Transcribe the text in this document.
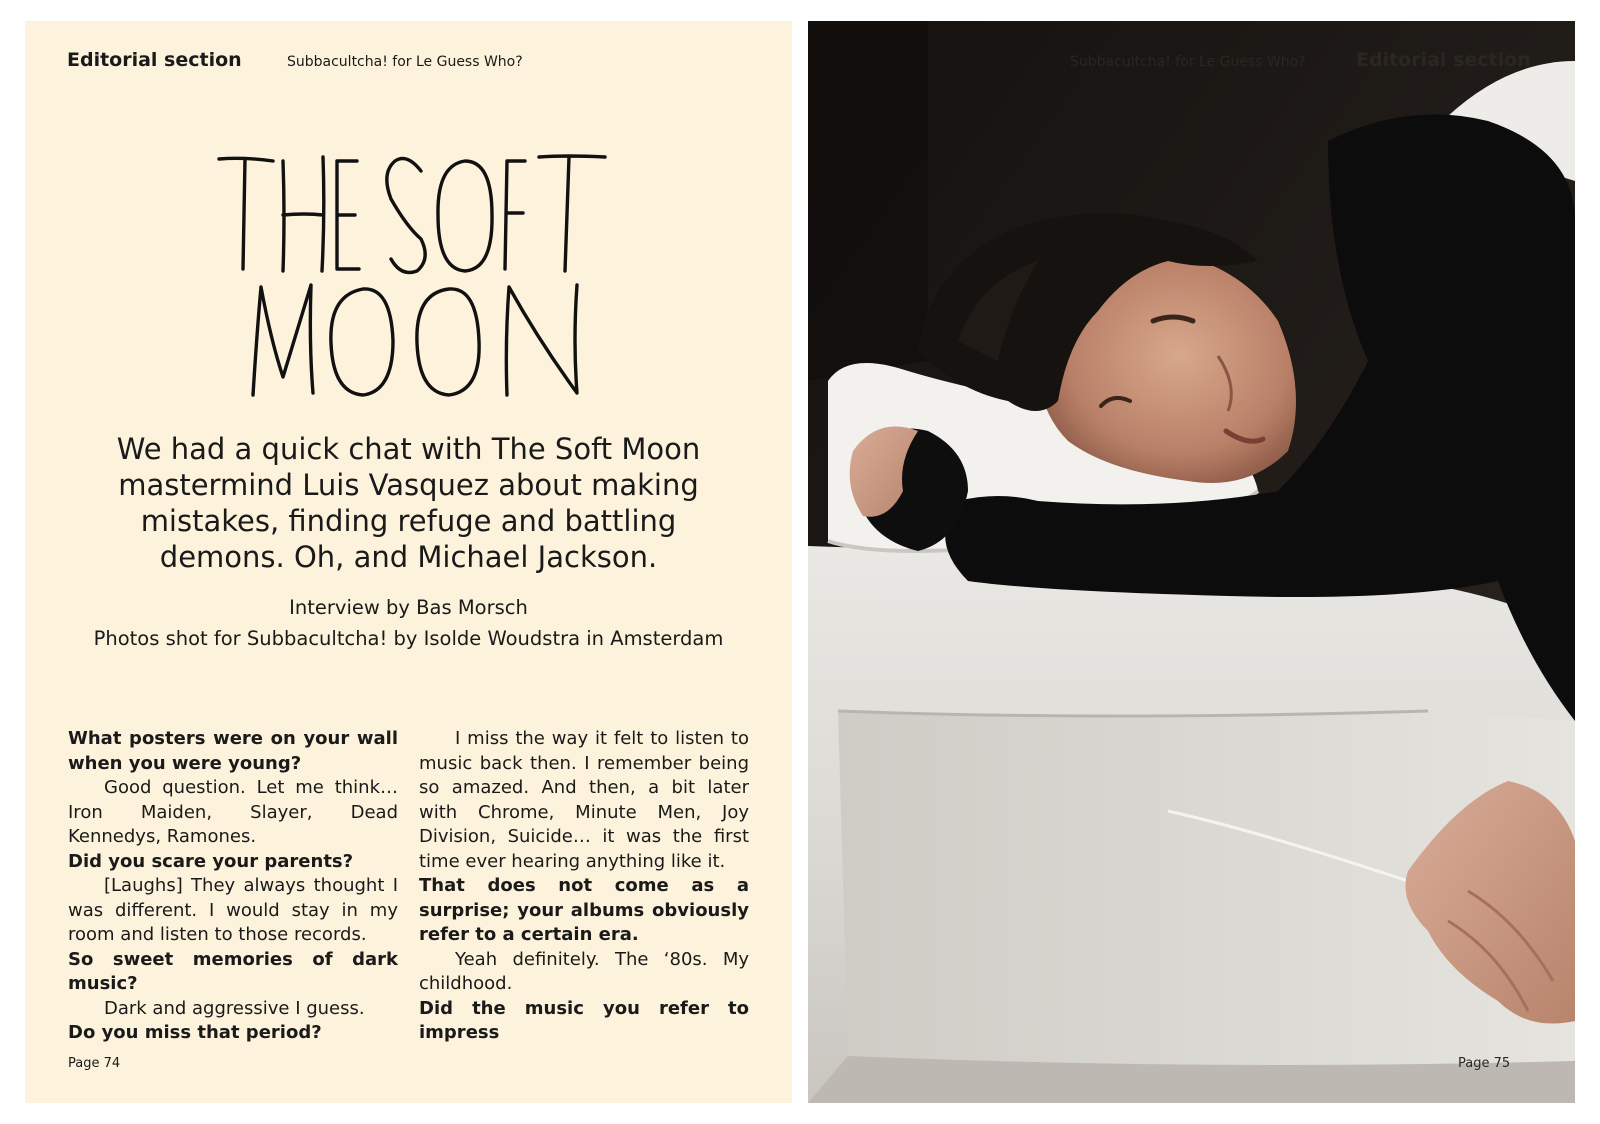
Editorial section	Subbacultcha! for Le Guess Who?
We had a quick chat with The Soft Moon mastermind Luis Vasquez about making mistakes, finding refuge and battling demons. Oh, and Michael Jackson.

Interview by Bas Morsch

Photos shot for Subbacultcha! by Isolde Woudstra in Amsterdam

What posters were on your wall when you were young?

Good question. Let me think… Iron Maiden, Slayer, Dead Kennedys, Ramones.

Did you scare your parents?

[Laughs] They always thought I was different. I would stay in my room and listen to those records.

So sweet memories of dark music?

Dark and aggressive I guess.

Do you miss that period?

I miss the way it felt to listen to music back then. I remember being so amazed. And then, a bit later with Chrome, Minute Men, Joy Division, Suicide… it was the first time ever hearing anything like it.

That does not come as a surprise; your albums obviously refer to a certain era.

Yeah definitely. The ‘80s. My childhood.

Did the music you refer to impress

Page 74
Subbacultcha! for Le Guess Who?	Editorial section
Page 75
